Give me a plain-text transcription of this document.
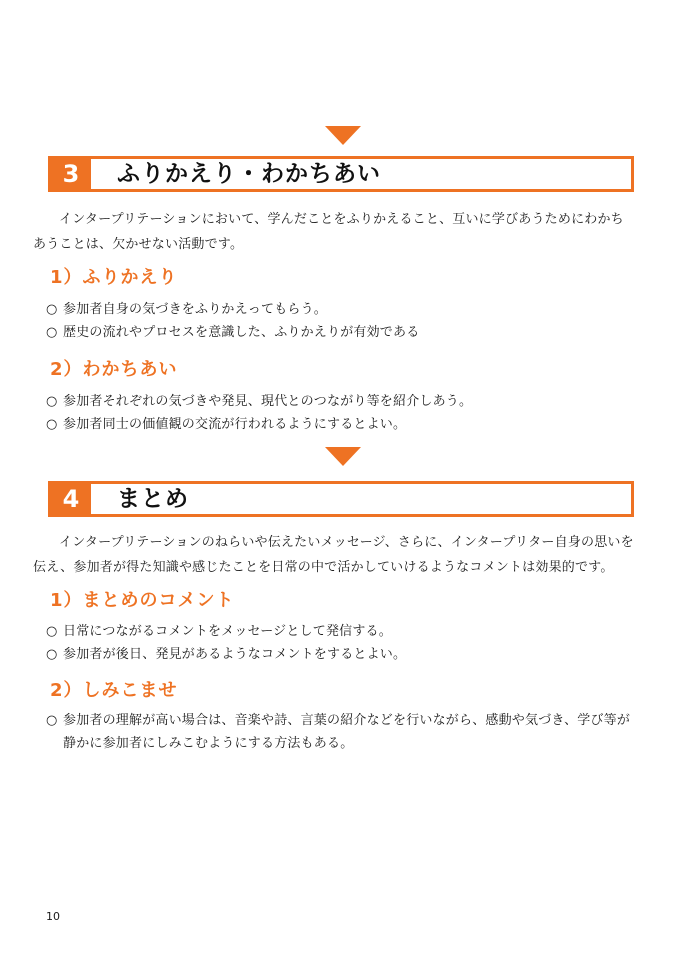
3	ふりかえり・わかちあい

インタープリテーションにおいて、学んだことをふりかえること、互いに学びあうためにわかち
あうことは、欠かせない活動です。

1）ふりかえり
○ 参加者自身の気づきをふりかえってもらう。
○ 歴史の流れやプロセスを意識した、ふりかえりが有効である
2）わかちあい
○ 参加者それぞれの気づきや発見、現代とのつながり等を紹介しあう。
○ 参加者同士の価値観の交流が行われるようにするとよい。
4	まとめ

インタープリテーションのねらいや伝えたいメッセージ、さらに、インタープリター自身の思いを
伝え、参加者が得た知識や感じたことを日常の中で活かしていけるようなコメントは効果的です。

1）まとめのコメント
○ 日常につながるコメントをメッセージとして発信する。
○ 参加者が後日、発見があるようなコメントをするとよい。
2）しみこませ
○ 参加者の理解が高い場合は、音楽や詩、言葉の紹介などを行いながら、感動や気づき、学び等が
静かに参加者にしみこむようにする方法もある。
10
